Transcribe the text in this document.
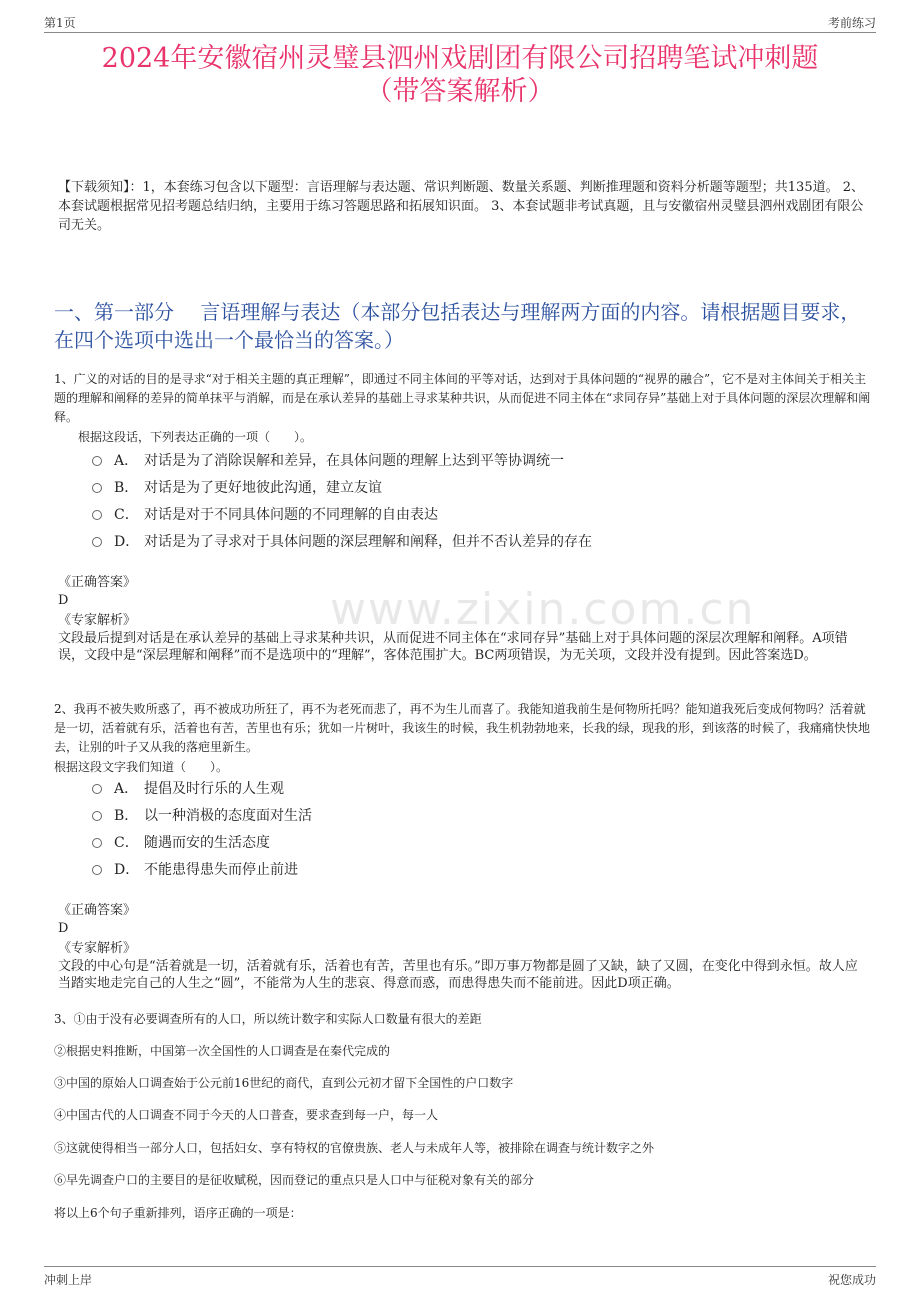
第1页	考前练习
2024年安徽宿州灵璧县泗州戏剧团有限公司招聘笔试冲刺题
（带答案解析）
【下载须知】：1，本套练习包含以下题型：言语理解与表达题、常识判断题、数量关系题、判断推理题和资料分析题等题型；共135道。 2、本套试题根据常见招考题总结归纳，主要用于练习答题思路和拓展知识面。 3、本套试题非考试真题，且与安徽宿州灵璧县泗州戏剧团有限公司无关。
一、第一部分　 言语理解与表达（本部分包括表达与理解两方面的内容。请根据题目要求，在四个选项中选出一个最恰当的答案。）
www.zixin.com.cn
1、广义的对话的目的是寻求“对于相关主题的真正理解”，即通过不同主体间的平等对话，达到对于具体问题的“视界的融合”，它不是对主体间关于相关主题的理解和阐释的差异的简单抹平与消解，而是在承认差异的基础上寻求某种共识，从而促进不同主体在“求同存异”基础上对于具体问题的深层次理解和阐释。
根据这段话，下列表达正确的一项（　　）。
A． 对话是为了消除误解和差异，在具体问题的理解上达到平等协调统一
B． 对话是为了更好地彼此沟通，建立友谊
C． 对话是对于不同具体问题的不同理解的自由表达
D． 对话是为了寻求对于具体问题的深层理解和阐释，但并不否认差异的存在
《正确答案》
D
《专家解析》
文段最后提到对话是在承认差异的基础上寻求某种共识，从而促进不同主体在“求同存异”基础上对于具体问题的深层次理解和阐释。A项错误，文段中是“深层理解和阐释”而不是选项中的“理解”，客体范围扩大。BC两项错误，为无关项，文段并没有提到。因此答案选D。
2、我再不被失败所惑了，再不被成功所狂了，再不为老死而悲了，再不为生儿而喜了。我能知道我前生是何物所托吗？能知道我死后变成何物吗？活着就是一切，活着就有乐，活着也有苦，苦里也有乐；犹如一片树叶，我该生的时候，我生机勃勃地来，长我的绿，现我的形，到该落的时候了，我痛痛快快地去，让别的叶子又从我的落疤里新生。
根据这段文字我们知道（　　）。
A． 提倡及时行乐的人生观
B． 以一种消极的态度面对生活
C． 随遇而安的生活态度
D． 不能患得患失而停止前进
《正确答案》
D
《专家解析》
文段的中心句是“活着就是一切，活着就有乐，活着也有苦，苦里也有乐。”即万事万物都是圆了又缺，缺了又圆，在变化中得到永恒。故人应当踏实地走完自己的人生之“圆”，不能常为人生的悲哀、得意而惑，而患得患失而不能前进。因此D项正确。
3、①由于没有必要调查所有的人口，所以统计数字和实际人口数量有很大的差距
②根据史料推断，中国第一次全国性的人口调查是在秦代完成的
③中国的原始人口调查始于公元前16世纪的商代，直到公元初才留下全国性的户口数字
④中国古代的人口调查不同于今天的人口普查，要求查到每一户，每一人
⑤这就使得相当一部分人口，包括妇女、享有特权的官僚贵族、老人与未成年人等，被排除在调查与统计数字之外
⑥早先调查户口的主要目的是征收赋税，因而登记的重点只是人口中与征税对象有关的部分
将以上6个句子重新排列，语序正确的一项是：
冲刺上岸	祝您成功
